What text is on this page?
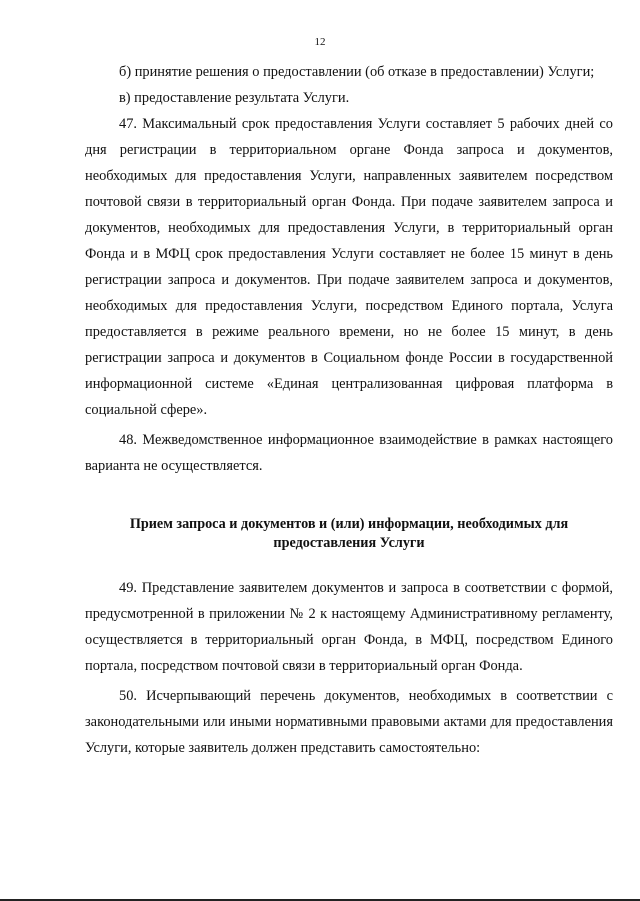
12

б) принятие решения о предоставлении (об отказе в предоставлении) Услуги;

в) предоставление результата Услуги.

47. Максимальный срок предоставления Услуги составляет 5 рабочих дней со дня регистрации в территориальном органе Фонда запроса и документов, необходимых для предоставления Услуги, направленных заявителем посредством почтовой связи в территориальный орган Фонда. При подаче заявителем запроса и документов, необходимых для предоставления Услуги, в территориальный орган Фонда и в МФЦ срок предоставления Услуги составляет не более 15 минут в день регистрации запроса и документов. При подаче заявителем запроса и документов, необходимых для предоставления Услуги, посредством Единого портала, Услуга предоставляется в режиме реального времени, но не более 15 минут, в день регистрации запроса и документов в Социальном фонде России в государственной информационной системе «Единая централизованная цифровая платформа в социальной сфере».

48. Межведомственное информационное взаимодействие в рамках настоящего варианта не осуществляется.

Прием запроса и документов и (или) информации, необходимых для
предоставления Услуги

49. Представление заявителем документов и запроса в соответствии с формой, предусмотренной в приложении № 2 к настоящему Административному регламенту, осуществляется в территориальный орган Фонда, в МФЦ, посредством Единого портала, посредством почтовой связи в территориальный орган Фонда.

50. Исчерпывающий перечень документов, необходимых в соответствии с законодательными или иными нормативными правовыми актами для предоставления Услуги, которые заявитель должен представить самостоятельно:
